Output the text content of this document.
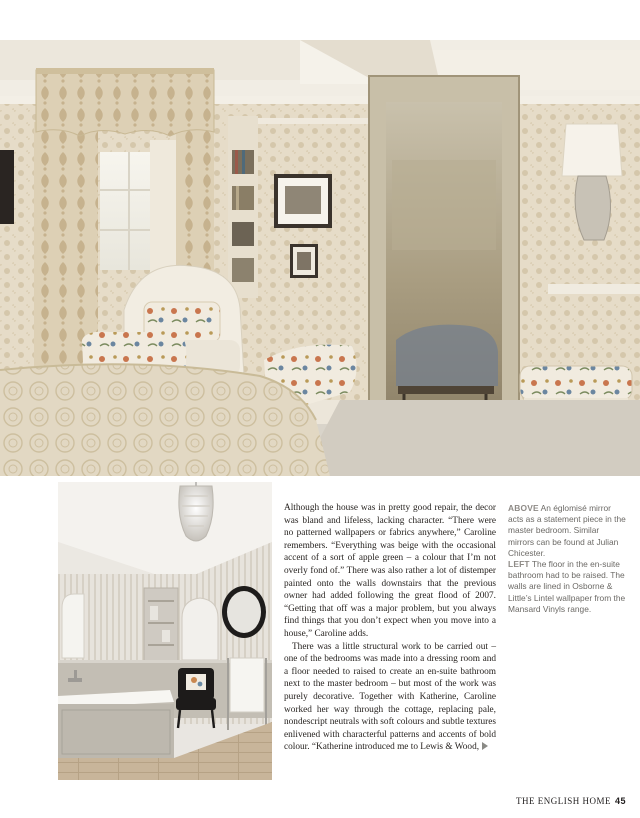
Although the house was in pretty good repair, the decor was bland and lifeless, lacking character. “There were no patterned wallpapers or fabrics anywhere,” Caroline remembers. “Everything was beige with the occasional accent of a sort of apple green – a colour that I’m not overly fond of.” There was also rather a lot of distemper painted onto the walls downstairs that the previous owner had added following the great flood of 2007. “Getting that off was a major problem, but you always find things that you don’t expect when you move into a house,” Caroline adds.

There was a little structural work to be carried out – one of the bedrooms was made into a dressing room and a floor needed to raised to create an en-suite bathroom next to the master bedroom – but most of the work was purely decorative. Together with Katherine, Caroline worked her way through the cottage, replacing pale, nondescript neutrals with soft colours and subtle textures enlivened with characterful patterns and accents of bold colour. “Katherine introduced me to Lewis & Wood,

ABOVE An églomisé mirror acts as a statement piece in the master bedroom. Similar mirrors can be found at Julian Chicester.
LEFT The floor in the en-suite bathroom had to be raised. The walls are lined in Osborne & Little’s Lintel wallpaper from the Mansard Vinyls range.
THE ENGLISH HOME 45
